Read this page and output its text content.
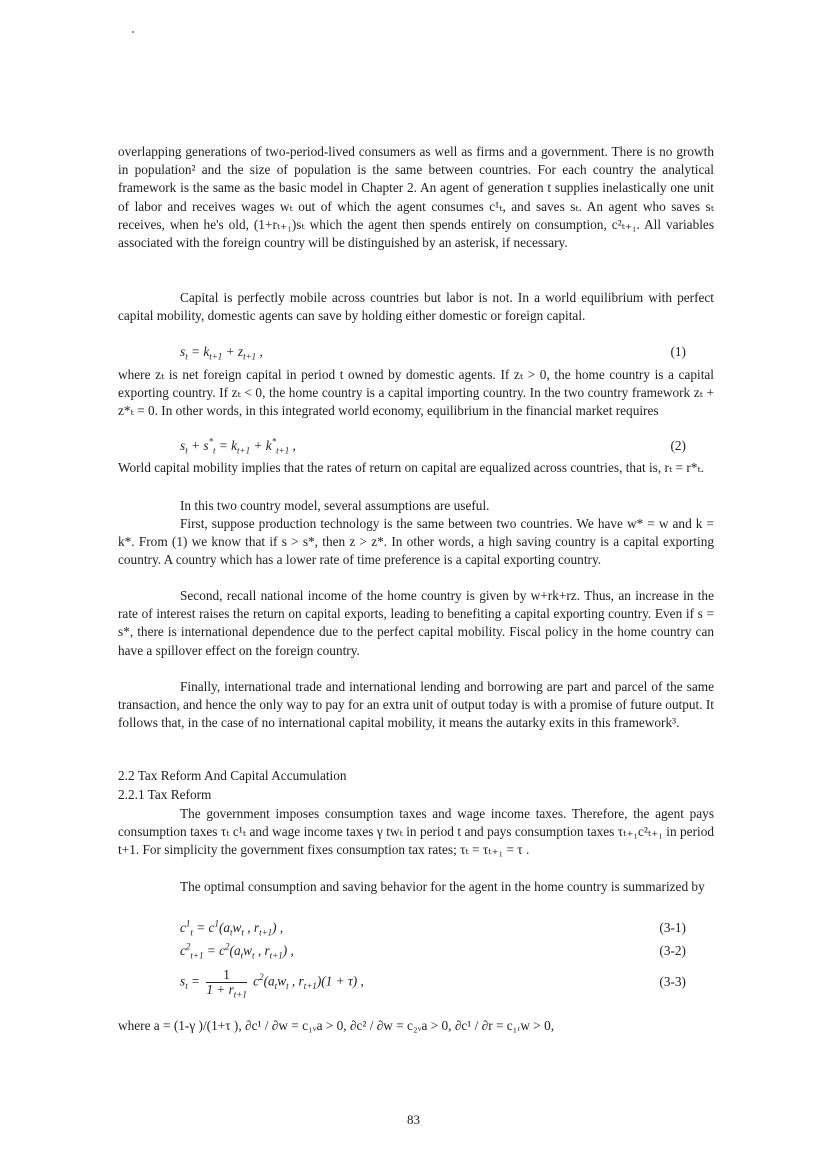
overlapping generations of two-period-lived consumers as well as firms and a government. There is no growth in population² and the size of population is the same between countries. For each country the analytical framework is the same as the basic model in Chapter 2. An agent of generation t supplies inelastically one unit of labor and receives wages wₜ out of which the agent consumes c¹ₜ, and saves sₜ. An agent who saves sₜ receives, when he's old, (1+rₜ₊₁)sₜ which the agent then spends entirely on consumption, c²ₜ₊₁. All variables associated with the foreign country will be distinguished by an asterisk, if necessary.

Capital is perfectly mobile across countries but labor is not. In a world equilibrium with perfect capital mobility, domestic agents can save by holding either domestic or foreign capital.

$s_t = k_{t+1} + z_{t+1}$ ,	(1)

where zₜ is net foreign capital in period t owned by domestic agents. If zₜ > 0, the home country is a capital exporting country. If zₜ < 0, the home country is a capital importing country. In the two country framework zₜ + z*ₜ = 0. In other words, in this integrated world economy, equilibrium in the financial market requires

$s_t + s^*_t = k_{t+1} + k^*_{t+1}$ ,	(2)

World capital mobility implies that the rates of return on capital are equalized across countries, that is, rₜ = r*ₜ.

In this two country model, several assumptions are useful.

First, suppose production technology is the same between two countries. We have w* = w and k = k*. From (1) we know that if s > s*, then z > z*. In other words, a high saving country is a capital exporting country. A country which has a lower rate of time preference is a capital exporting country.

Second, recall national income of the home country is given by w+rk+rz. Thus, an increase in the rate of interest raises the return on capital exports, leading to benefiting a capital exporting country. Even if s = s*, there is international dependence due to the perfect capital mobility. Fiscal policy in the home country can have a spillover effect on the foreign country.

Finally, international trade and international lending and borrowing are part and parcel of the same transaction, and hence the only way to pay for an extra unit of output today is with a promise of future output. It follows that, in the case of no international capital mobility, it means the autarky exits in this framework³.

2.2 Tax Reform And Capital Accumulation

2.2.1 Tax Reform

The government imposes consumption taxes and wage income taxes. Therefore, the agent pays consumption taxes τₜ c¹ₜ and wage income taxes γ twₜ in period t and pays consumption taxes τₜ₊₁c²ₜ₊₁ in period t+1. For simplicity the government fixes consumption tax rates; τₜ = τₜ₊₁ = τ .

The optimal consumption and saving behavior for the agent in the home country is summarized by

$c^1_t = c^1(a_tw_t$ , $r_{t+1}$) ,	(3-1)
$c^2_{t+1} = c^2(a_tw_t$ , $r_{t+1}$) ,	(3-2)
$s_t = \frac{1}{1 + r_{t+1}} c^2(a_tw_t$ , $r_{t+1})(1 + \tau)$ ,	(3-3)

where a = (1-γ )/(1+τ ), ∂c¹ / ∂w = c₁ᵥa > 0, ∂c² / ∂w = c₂ᵥa > 0, ∂c¹ / ∂r = c₁ᵣw > 0,

83
